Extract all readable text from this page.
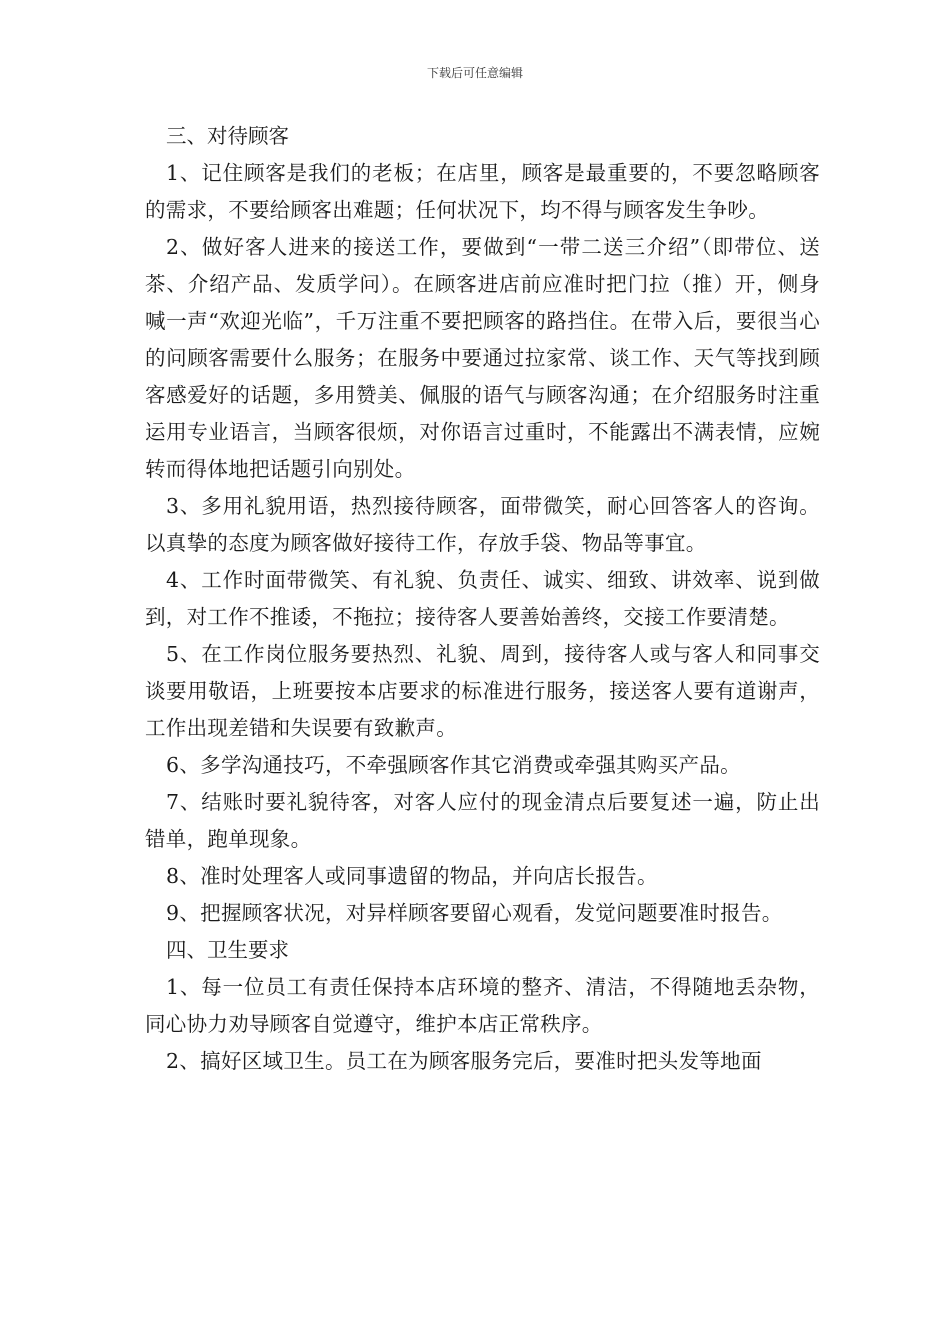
下载后可任意编辑

三、对待顾客

1、记住顾客是我们的老板；在店里，顾客是最重要的，不要忽略顾客的需求，不要给顾客出难题；任何状况下，均不得与顾客发生争吵。

2、做好客人进来的接送工作，要做到“一带二送三介绍”（即带位、送茶、介绍产品、发质学问）。在顾客进店前应准时把门拉（推）开，侧身喊一声“欢迎光临”，千万注重不要把顾客的路挡住。在带入后，要很当心的问顾客需要什么服务；在服务中要通过拉家常、谈工作、天气等找到顾客感爱好的话题，多用赞美、佩服的语气与顾客沟通；在介绍服务时注重运用专业语言，当顾客很烦，对你语言过重时，不能露出不满表情，应婉转而得体地把话题引向别处。

3、多用礼貌用语，热烈接待顾客，面带微笑，耐心回答客人的咨询。以真挚的态度为顾客做好接待工作，存放手袋、物品等事宜。

4、工作时面带微笑、有礼貌、负责任、诚实、细致、讲效率、说到做到，对工作不推诿，不拖拉；接待客人要善始善终，交接工作要清楚。

5、在工作岗位服务要热烈、礼貌、周到，接待客人或与客人和同事交谈要用敬语，上班要按本店要求的标准进行服务，接送客人要有道谢声，工作出现差错和失误要有致歉声。

6、多学沟通技巧，不牵强顾客作其它消费或牵强其购买产品。

7、结账时要礼貌待客，对客人应付的现金清点后要复述一遍，防止出错单，跑单现象。

8、准时处理客人或同事遗留的物品，并向店长报告。

9、把握顾客状况，对异样顾客要留心观看，发觉问题要准时报告。

四、卫生要求

1、每一位员工有责任保持本店环境的整齐、清洁，不得随地丢杂物，同心协力劝导顾客自觉遵守，维护本店正常秩序。

2、搞好区域卫生。员工在为顾客服务完后，要准时把头发等地面
